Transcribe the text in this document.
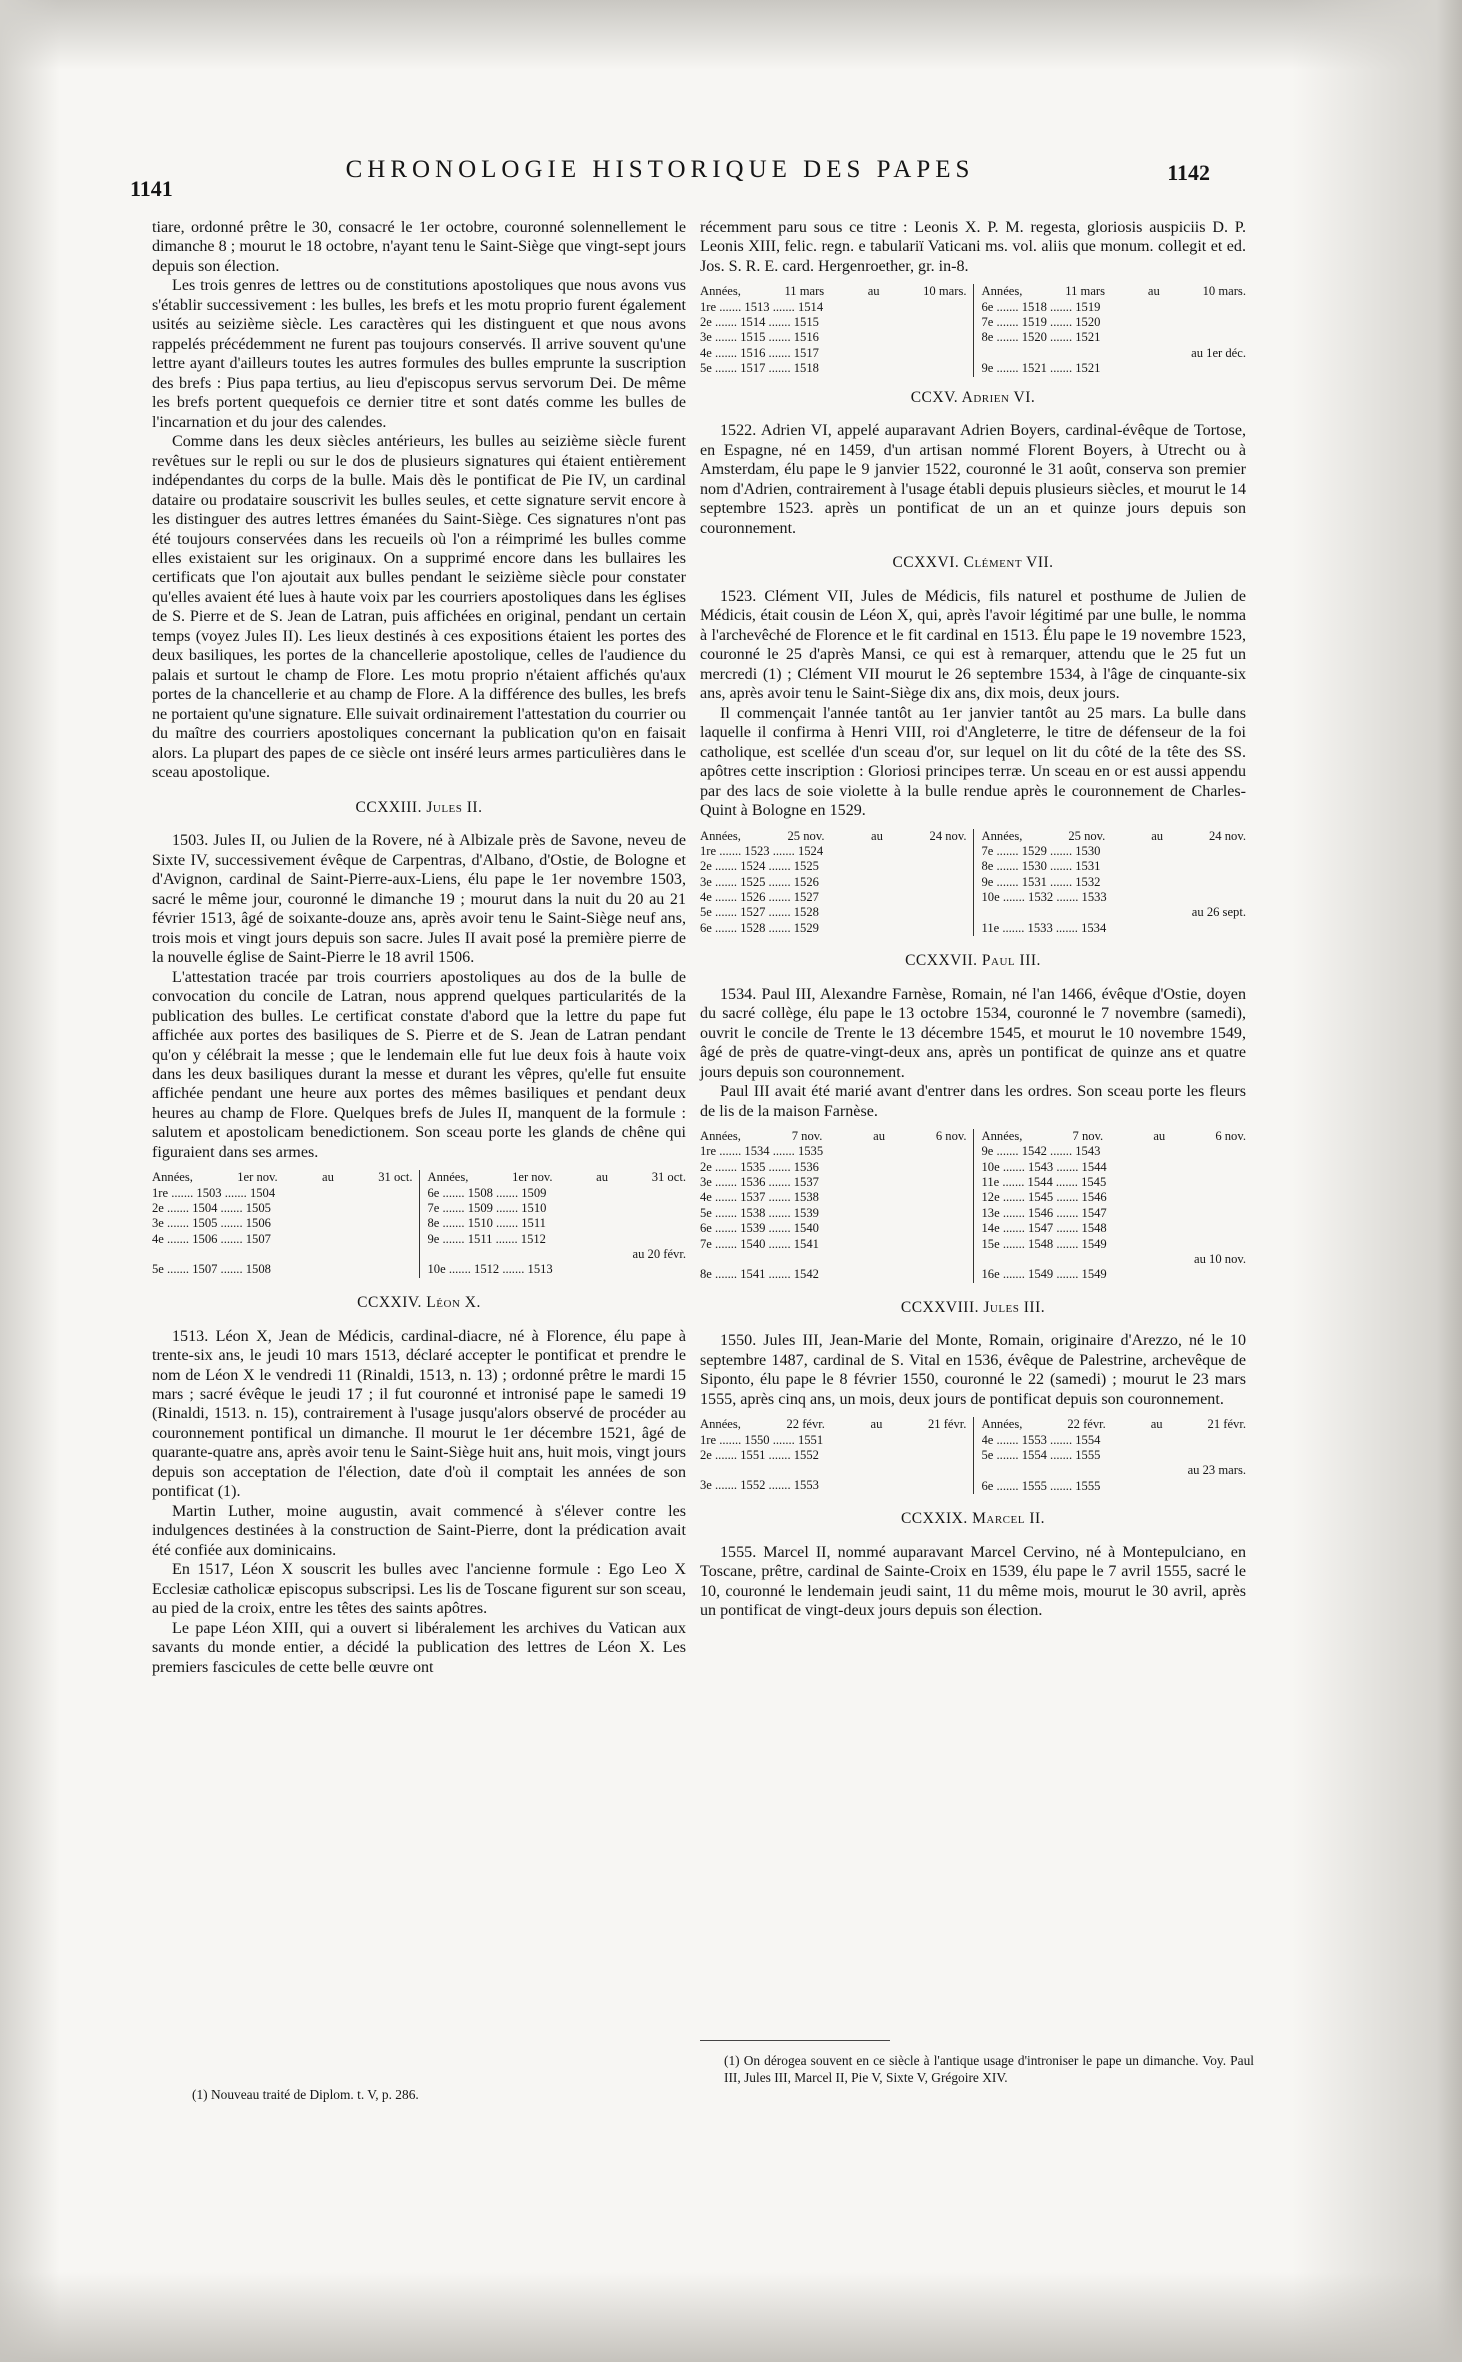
1141
CHRONOLOGIE HISTORIQUE DES PAPES	1142

tiare, ordonné prêtre le 30, consacré le 1er octobre, couronné solennellement le dimanche 8 ; mourut le 18 octobre, n'ayant tenu le Saint-Siège que vingt-sept jours depuis son élection.

Les trois genres de lettres ou de constitutions apostoliques que nous avons vus s'établir successivement : les bulles, les brefs et les motu proprio furent également usités au seizième siècle. Les caractères qui les distinguent et que nous avons rappelés précédemment ne furent pas toujours conservés. Il arrive souvent qu'une lettre ayant d'ailleurs toutes les autres formules des bulles emprunte la suscription des brefs : Pius papa tertius, au lieu d'episcopus servus servorum Dei. De même les brefs portent quequefois ce dernier titre et sont datés comme les bulles de l'incarnation et du jour des calendes.

Comme dans les deux siècles antérieurs, les bulles au seizième siècle furent revêtues sur le repli ou sur le dos de plusieurs signatures qui étaient entièrement indépendantes du corps de la bulle. Mais dès le pontificat de Pie IV, un cardinal dataire ou prodataire souscrivit les bulles seules, et cette signature servit encore à les distinguer des autres lettres émanées du Saint-Siège. Ces signatures n'ont pas été toujours conservées dans les recueils où l'on a réimprimé les bulles comme elles existaient sur les originaux. On a supprimé encore dans les bullaires les certificats que l'on ajoutait aux bulles pendant le seizième siècle pour constater qu'elles avaient été lues à haute voix par les courriers apostoliques dans les églises de S. Pierre et de S. Jean de Latran, puis affichées en original, pendant un certain temps (voyez Jules II). Les lieux destinés à ces expositions étaient les portes des deux basiliques, les portes de la chancellerie apostolique, celles de l'audience du palais et surtout le champ de Flore. Les motu proprio n'étaient affichés qu'aux portes de la chancellerie et au champ de Flore. A la différence des bulles, les brefs ne portaient qu'une signature. Elle suivait ordinairement l'attestation du courrier ou du maître des courriers apostoliques concernant la publication qu'on en faisait alors. La plupart des papes de ce siècle ont inséré leurs armes particulières dans le sceau apostolique.

CCXXIII. Jules II.

1503. Jules II, ou Julien de la Rovere, né à Albizale près de Savone, neveu de Sixte IV, successivement évêque de Carpentras, d'Albano, d'Ostie, de Bologne et d'Avignon, cardinal de Saint-Pierre-aux-Liens, élu pape le 1er novembre 1503, sacré le même jour, couronné le dimanche 19 ; mourut dans la nuit du 20 au 21 février 1513, âgé de soixante-douze ans, après avoir tenu le Saint-Siège neuf ans, trois mois et vingt jours depuis son sacre. Jules II avait posé la première pierre de la nouvelle église de Saint-Pierre le 18 avril 1506.

L'attestation tracée par trois courriers apostoliques au dos de la bulle de convocation du concile de Latran, nous apprend quelques particularités de la publication des bulles. Le certificat constate d'abord que la lettre du pape fut affichée aux portes des basiliques de S. Pierre et de S. Jean de Latran pendant qu'on y célébrait la messe ; que le lendemain elle fut lue deux fois à haute voix dans les deux basiliques durant la messe et durant les vêpres, qu'elle fut ensuite affichée pendant une heure aux portes des mêmes basiliques et pendant deux heures au champ de Flore. Quelques brefs de Jules II, manquent de la formule : salutem et apostolicam benedictionem. Son sceau porte les glands de chêne qui figuraient dans ses armes.

Années,	1er nov.	au	31 oct.
1re ....... 1503 ....... 1504
2e ....... 1504 ....... 1505
3e ....... 1505 ....... 1506
4e ....... 1506 ....... 1507
5e ....... 1507 ....... 1508

Années,	1er nov.	au	31 oct.
6e ....... 1508 ....... 1509
7e ....... 1509 ....... 1510
8e ....... 1510 ....... 1511
9e ....... 1511 ....... 1512
au 20 févr.
10e ....... 1512 ....... 1513
CCXXIV. Léon X.

1513. Léon X, Jean de Médicis, cardinal-diacre, né à Florence, élu pape à trente-six ans, le jeudi 10 mars 1513, déclaré accepter le pontificat et prendre le nom de Léon X le vendredi 11 (Rinaldi, 1513, n. 13) ; ordonné prêtre le mardi 15 mars ; sacré évêque le jeudi 17 ; il fut couronné et intronisé pape le samedi 19 (Rinaldi, 1513. n. 15), contrairement à l'usage jusqu'alors observé de procéder au couronnement pontifical un dimanche. Il mourut le 1er décembre 1521, âgé de quarante-quatre ans, après avoir tenu le Saint-Siège huit ans, huit mois, vingt jours depuis son acceptation de l'élection, date d'où il comptait les années de son pontificat (1).

Martin Luther, moine augustin, avait commencé à s'élever contre les indulgences destinées à la construction de Saint-Pierre, dont la prédication avait été confiée aux dominicains.

En 1517, Léon X souscrit les bulles avec l'ancienne formule : Ego Leo X Ecclesiæ catholicæ episcopus subscripsi. Les lis de Toscane figurent sur son sceau, au pied de la croix, entre les têtes des saints apôtres.

Le pape Léon XIII, qui a ouvert si libéralement les archives du Vatican aux savants du monde entier, a décidé la publication des lettres de Léon X. Les premiers fascicules de cette belle œuvre ont

(1) Nouveau traité de Diplom. t. V, p. 286.

récemment paru sous ce titre : Leonis X. P. M. regesta, gloriosis auspiciis D. P. Leonis XIII, felic. regn. e tabulariï Vaticani ms. vol. aliis que monum. collegit et ed. Jos. S. R. E. card. Hergenroether, gr. in-8.

Années,	11 mars	au	10 mars.
1re ....... 1513 ....... 1514
2e ....... 1514 ....... 1515
3e ....... 1515 ....... 1516
4e ....... 1516 ....... 1517
5e ....... 1517 ....... 1518

Années,	11 mars	au	10 mars.
6e ....... 1518 ....... 1519
7e ....... 1519 ....... 1520
8e ....... 1520 ....... 1521
au 1er déc.
9e ....... 1521 ....... 1521
CCXV. Adrien VI.

1522. Adrien VI, appelé auparavant Adrien Boyers, cardinal-évêque de Tortose, en Espagne, né en 1459, d'un artisan nommé Florent Boyers, à Utrecht ou à Amsterdam, élu pape le 9 janvier 1522, couronné le 31 août, conserva son premier nom d'Adrien, contrairement à l'usage établi depuis plusieurs siècles, et mourut le 14 septembre 1523. après un pontificat de un an et quinze jours depuis son couronnement.

CCXXVI. Clément VII.

1523. Clément VII, Jules de Médicis, fils naturel et posthume de Julien de Médicis, était cousin de Léon X, qui, après l'avoir légitimé par une bulle, le nomma à l'archevêché de Florence et le fit cardinal en 1513. Élu pape le 19 novembre 1523, couronné le 25 d'après Mansi, ce qui est à remarquer, attendu que le 25 fut un mercredi (1) ; Clément VII mourut le 26 septembre 1534, à l'âge de cinquante-six ans, après avoir tenu le Saint-Siège dix ans, dix mois, deux jours.

Il commençait l'année tantôt au 1er janvier tantôt au 25 mars. La bulle dans laquelle il confirma à Henri VIII, roi d'Angleterre, le titre de défenseur de la foi catholique, est scellée d'un sceau d'or, sur lequel on lit du côté de la tête des SS. apôtres cette inscription : Gloriosi principes terræ. Un sceau en or est aussi appendu par des lacs de soie violette à la bulle rendue après le couronnement de Charles-Quint à Bologne en 1529.

Années,	25 nov.	au	24 nov.
1re ....... 1523 ....... 1524
2e ....... 1524 ....... 1525
3e ....... 1525 ....... 1526
4e ....... 1526 ....... 1527
5e ....... 1527 ....... 1528
6e ....... 1528 ....... 1529

Années,	25 nov.	au	24 nov.
7e ....... 1529 ....... 1530
8e ....... 1530 ....... 1531
9e ....... 1531 ....... 1532
10e ....... 1532 ....... 1533
au 26 sept.
11e ....... 1533 ....... 1534
CCXXVII. Paul III.

1534. Paul III, Alexandre Farnèse, Romain, né l'an 1466, évêque d'Ostie, doyen du sacré collège, élu pape le 13 octobre 1534, couronné le 7 novembre (samedi), ouvrit le concile de Trente le 13 décembre 1545, et mourut le 10 novembre 1549, âgé de près de quatre-vingt-deux ans, après un pontificat de quinze ans et quatre jours depuis son couronnement.

Paul III avait été marié avant d'entrer dans les ordres. Son sceau porte les fleurs de lis de la maison Farnèse.

Années,	7 nov.	au	6 nov.
1re ....... 1534 ....... 1535
2e ....... 1535 ....... 1536
3e ....... 1536 ....... 1537
4e ....... 1537 ....... 1538
5e ....... 1538 ....... 1539
6e ....... 1539 ....... 1540
7e ....... 1540 ....... 1541
8e ....... 1541 ....... 1542

Années,	7 nov.	au	6 nov.
9e ....... 1542 ....... 1543
10e ....... 1543 ....... 1544
11e ....... 1544 ....... 1545
12e ....... 1545 ....... 1546
13e ....... 1546 ....... 1547
14e ....... 1547 ....... 1548
15e ....... 1548 ....... 1549
au 10 nov.
16e ....... 1549 ....... 1549
CCXXVIII. Jules III.

1550. Jules III, Jean-Marie del Monte, Romain, originaire d'Arezzo, né le 10 septembre 1487, cardinal de S. Vital en 1536, évêque de Palestrine, archevêque de Siponto, élu pape le 8 février 1550, couronné le 22 (samedi) ; mourut le 23 mars 1555, après cinq ans, un mois, deux jours de pontificat depuis son couronnement.

Années,	22 févr.	au	21 févr.
1re ....... 1550 ....... 1551
2e ....... 1551 ....... 1552
3e ....... 1552 ....... 1553

Années,	22 févr.	au	21 févr.
4e ....... 1553 ....... 1554
5e ....... 1554 ....... 1555
au 23 mars.
6e ....... 1555 ....... 1555
CCXXIX. Marcel II.

1555. Marcel II, nommé auparavant Marcel Cervino, né à Montepulciano, en Toscane, prêtre, cardinal de Sainte-Croix en 1539, élu pape le 7 avril 1555, sacré le 10, couronné le lendemain jeudi saint, 11 du même mois, mourut le 30 avril, après un pontificat de vingt-deux jours depuis son élection.

(1) On dérogea souvent en ce siècle à l'antique usage d'introniser le pape un dimanche. Voy. Paul III, Jules III, Marcel II, Pie V, Sixte V, Grégoire XIV.
